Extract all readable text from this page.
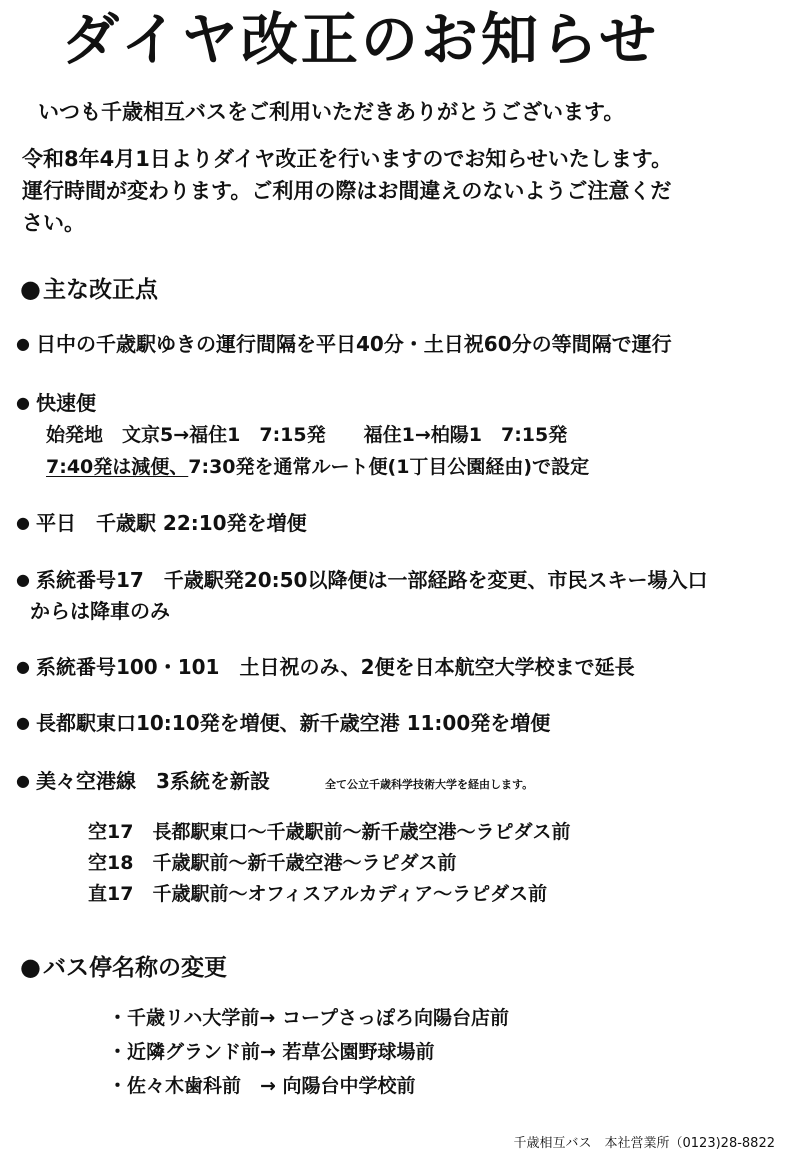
ダイヤ改正のお知らせ
いつも千歳相互バスをご利用いただきありがとうございます。
令和8年4月1日よりダイヤ改正を行いますのでお知らせいたします。
運行時間が変わります。ご利用の際はお間違えのないようご注意くだ
さい。
●主な改正点
● 日中の千歳駅ゆきの運行間隔を平日40分・土日祝60分の等間隔で運行
● 快速便
始発地　文京5→福住1　7:15発　　福住1→柏陽1　7:15発
7:40発は減便、7:30発を通常ルート便(1丁目公園経由)で設定
● 平日　千歳駅 22:10発を増便
● 系統番号17　千歳駅発20:50以降便は一部経路を変更、市民スキー場入口
からは降車のみ
● 系統番号100・101　土日祝のみ、2便を日本航空大学校まで延長
● 長都駅東口10:10発を増便、新千歳空港 11:00発を増便
● 美々空港線　3系統を新設	全て公立千歳科学技術大学を経由します。
空17　長都駅東口～千歳駅前～新千歳空港～ラピダス前
空18　千歳駅前～新千歳空港～ラピダス前
直17　千歳駅前～オフィスアルカディア～ラピダス前
●バス停名称の変更
・千歳リハ大学前→ コープさっぽろ向陽台店前
・近隣グランド前→ 若草公園野球場前
・佐々木歯科前　→ 向陽台中学校前
千歳相互バス　本社営業所（0123)28-8822
